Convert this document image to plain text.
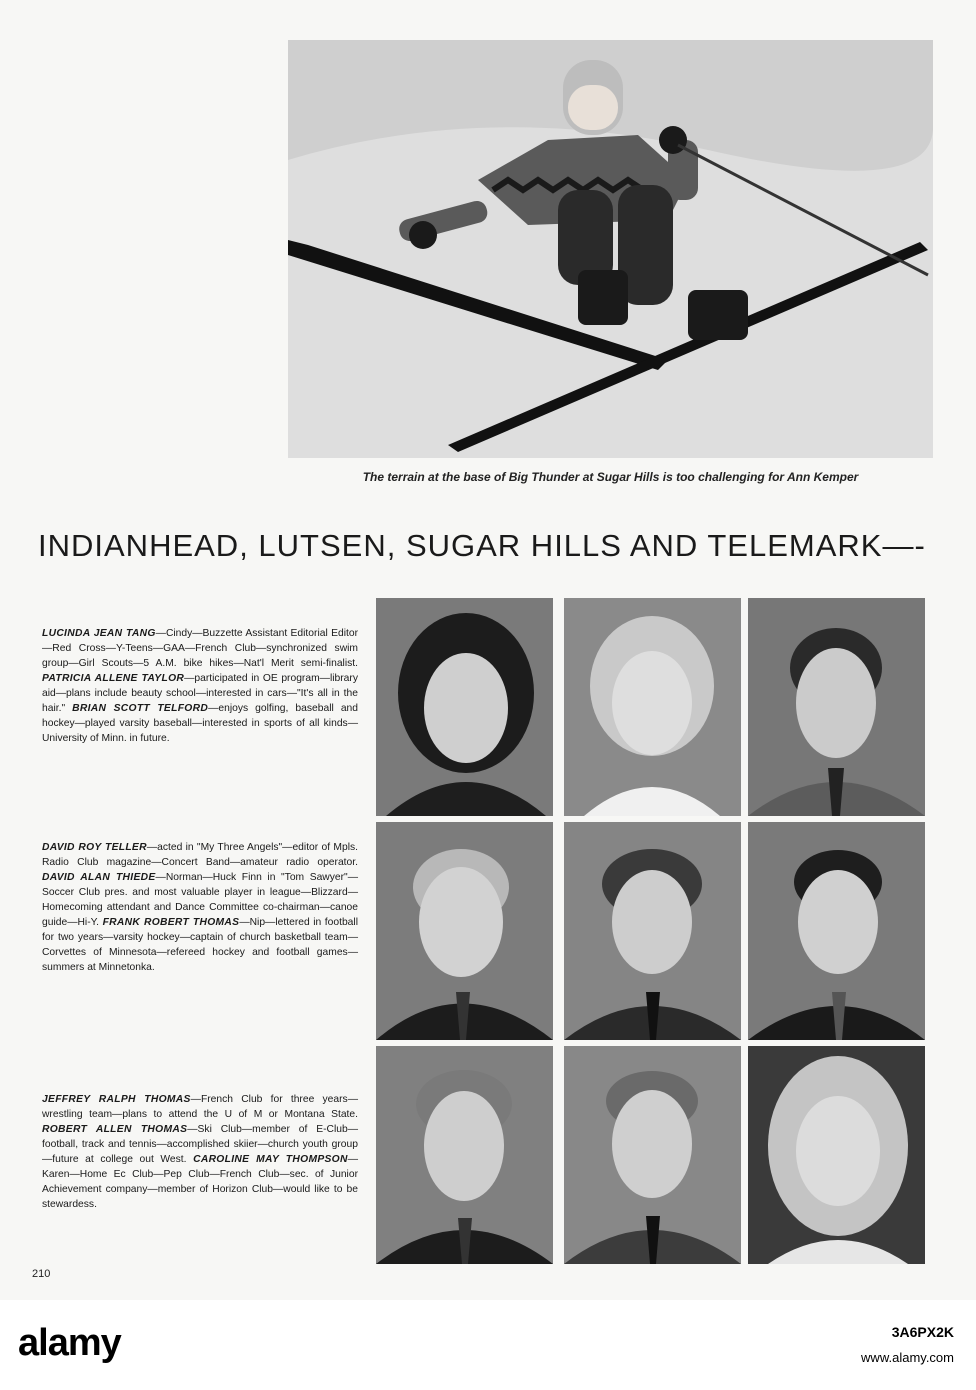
The terrain at the base of Big Thunder at Sugar Hills is too challenging for Ann Kemper
INDIANHEAD, LUTSEN, SUGAR HILLS AND TELEMARK—-
LUCINDA JEAN TANG—Cindy—Buzzette Assistant Editorial Editor—Red Cross—Y-Teens—GAA—French Club—synchronized swim group—Girl Scouts—5 A.M. bike hikes—Nat'l Merit semi-finalist. PATRICIA ALLENE TAYLOR—participated in OE program—library aid—plans include beauty school—interested in cars—"It's all in the hair." BRIAN SCOTT TELFORD—enjoys golfing, baseball and hockey—played varsity baseball—interested in sports of all kinds—University of Minn. in future.
DAVID ROY TELLER—acted in "My Three Angels"—editor of Mpls. Radio Club magazine—Concert Band—amateur radio operator. DAVID ALAN THIEDE—Norman—Huck Finn in "Tom Sawyer"—Soccer Club pres. and most valuable player in league—Blizzard—Homecoming attendant and Dance Committee co-chairman—canoe guide—Hi-Y. FRANK ROBERT THOMAS—Nip—lettered in football for two years—varsity hockey—captain of church basketball team—Corvettes of Minnesota—refereed hockey and football games—summers at Minnetonka.
JEFFREY RALPH THOMAS—French Club for three years—wrestling team—plans to attend the U of M or Montana State. ROBERT ALLEN THOMAS—Ski Club—member of E-Club—football, track and tennis—accomplished skiier—church youth group—future at college out West. CAROLINE MAY THOMPSON—Karen—Home Ec Club—Pep Club—French Club—sec. of Junior Achievement company—member of Horizon Club—would like to be stewardess.
210
alamy	3A6PX2K
www.alamy.com
